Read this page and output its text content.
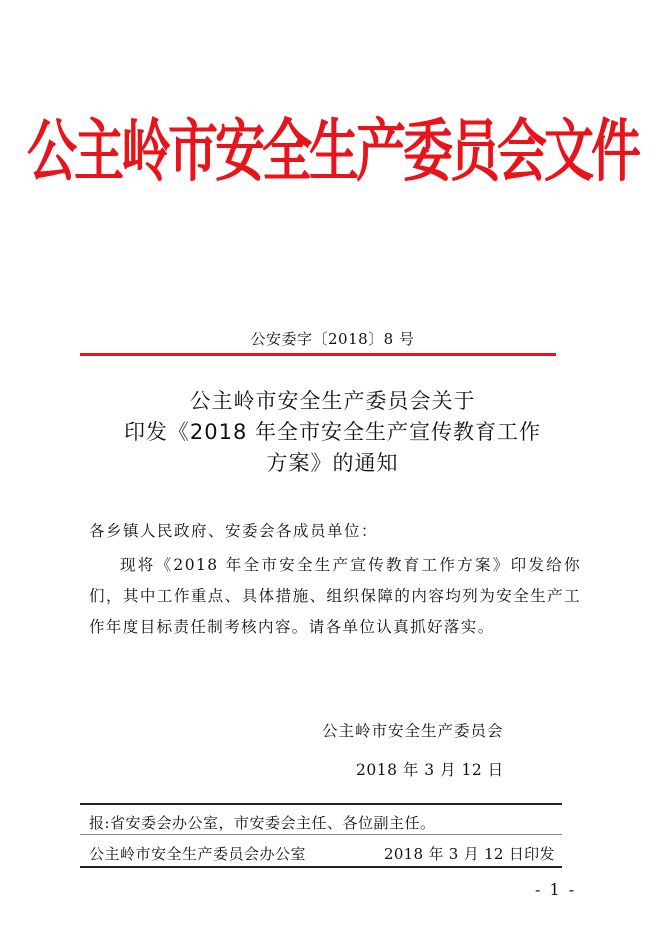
公主岭市安全生产委员会文件
公安委字〔2018〕8 号
公主岭市安全生产委员会关于
印发《2018 年全市安全生产宣传教育工作
方案》的通知
各乡镇人民政府、安委会各成员单位：
现将《2018 年全市安全生产宣传教育工作方案》印发给你们，其中工作重点、具体措施、组织保障的内容均列为安全生产工作年度目标责任制考核内容。请各单位认真抓好落实。
公主岭市安全生产委员会
2018 年 3 月 12 日
报:省安委会办公室，市安委会主任、各位副主任。
公主岭市安全生产委员会办公室	2018 年 3 月 12 日印发
- 1 -
